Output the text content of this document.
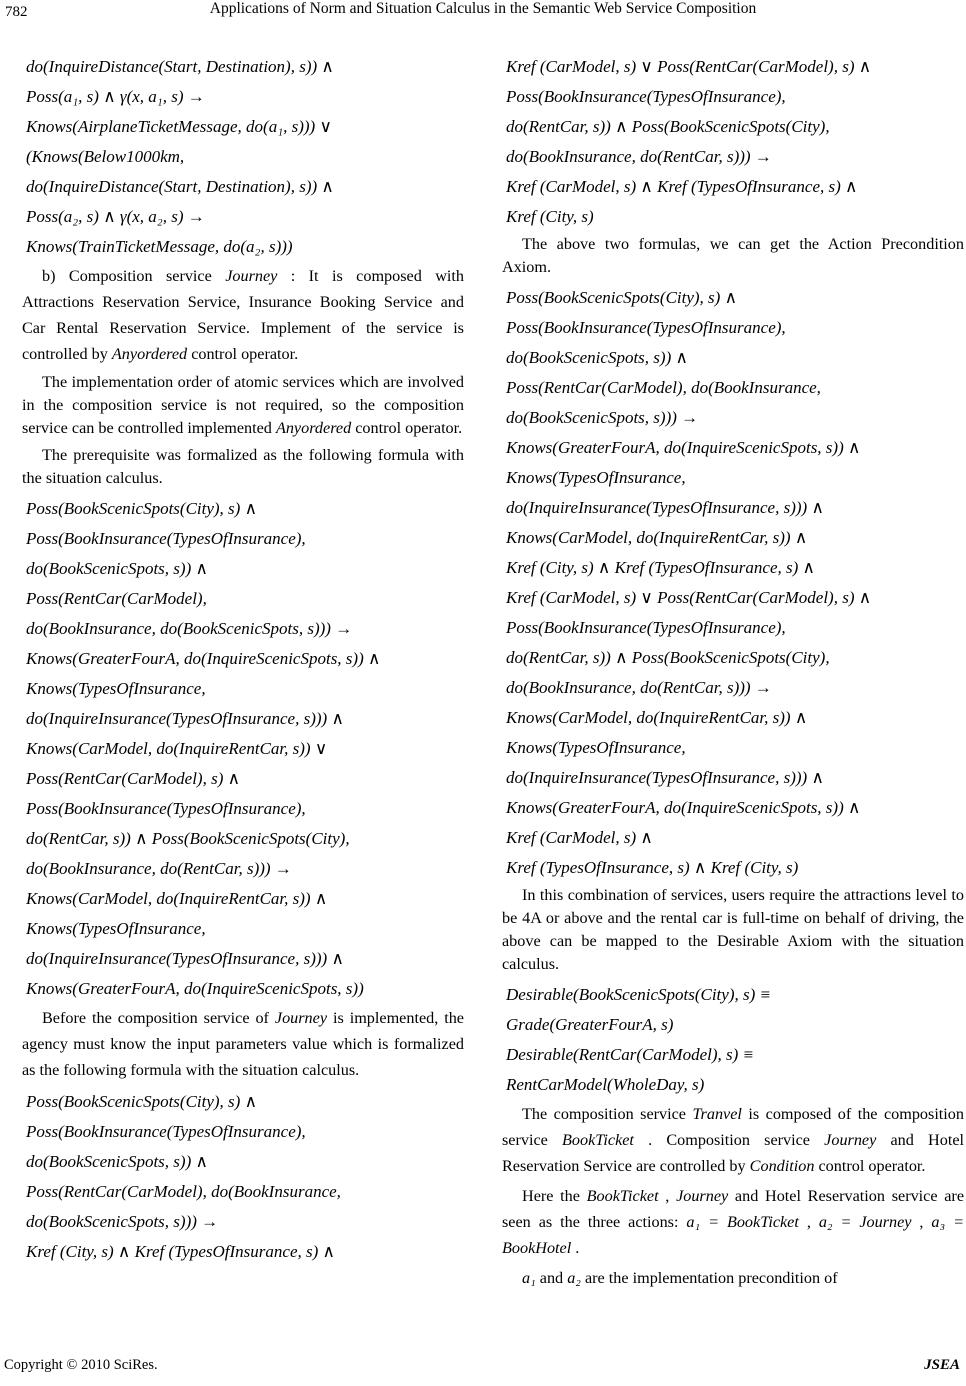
782	Applications of Norm and Situation Calculus in the Semantic Web Service Composition
do(InquireDistance(Start, Destination), s)) ∧
Poss(a₁, s) ∧ γ(x, a₁, s) →
Knows(AirplaneTicketMessage, do(a₁, s))) ∨
(Knows(Below1000km,
do(InquireDistance(Start, Destination), s)) ∧
Poss(a₂, s) ∧ γ(x, a₂, s) →
Knows(TrainTicketMessage, do(a₂, s)))

b) Composition service Journey : It is composed with Attractions Reservation Service, Insurance Booking Service and Car Rental Reservation Service. Implement of the service is controlled by Anyordered control operator.

The implementation order of atomic services which are involved in the composition service is not required, so the composition service can be controlled implemented Anyordered control operator.

The prerequisite was formalized as the following formula with the situation calculus.

Poss(BookScenicSpots(City), s) ∧
Poss(BookInsurance(TypesOfInsurance),
do(BookScenicSpots, s)) ∧
Poss(RentCar(CarModel),
do(BookInsurance, do(BookScenicSpots, s))) →
Knows(GreaterFourA, do(InquireScenicSpots, s)) ∧
Knows(TypesOfInsurance,
do(InquireInsurance(TypesOfInsurance, s))) ∧
Knows(CarModel, do(InquireRentCar, s)) ∨
Poss(RentCar(CarModel), s) ∧
Poss(BookInsurance(TypesOfInsurance),
do(RentCar, s)) ∧ Poss(BookScenicSpots(City),
do(BookInsurance, do(RentCar, s))) →
Knows(CarModel, do(InquireRentCar, s)) ∧
Knows(TypesOfInsurance,
do(InquireInsurance(TypesOfInsurance, s))) ∧
Knows(GreaterFourA, do(InquireScenicSpots, s))

Before the composition service of Journey is implemented, the agency must know the input parameters value which is formalized as the following formula with the situation calculus.

Poss(BookScenicSpots(City), s) ∧
Poss(BookInsurance(TypesOfInsurance),
do(BookScenicSpots, s)) ∧
Poss(RentCar(CarModel), do(BookInsurance,
do(BookScenicSpots, s))) →
Kref (City, s) ∧ Kref (TypesOfInsurance, s) ∧
Kref (CarModel, s) ∨ Poss(RentCar(CarModel), s) ∧
Poss(BookInsurance(TypesOfInsurance),
do(RentCar, s)) ∧ Poss(BookScenicSpots(City),
do(BookInsurance, do(RentCar, s))) →
Kref (CarModel, s) ∧ Kref (TypesOfInsurance, s) ∧
Kref (City, s)

The above two formulas, we can get the Action Precondition Axiom.

Poss(BookScenicSpots(City), s) ∧
Poss(BookInsurance(TypesOfInsurance),
do(BookScenicSpots, s)) ∧
Poss(RentCar(CarModel), do(BookInsurance,
do(BookScenicSpots, s))) →
Knows(GreaterFourA, do(InquireScenicSpots, s)) ∧
Knows(TypesOfInsurance,
do(InquireInsurance(TypesOfInsurance, s))) ∧
Knows(CarModel, do(InquireRentCar, s)) ∧
Kref (City, s) ∧ Kref (TypesOfInsurance, s) ∧
Kref (CarModel, s) ∨ Poss(RentCar(CarModel), s) ∧
Poss(BookInsurance(TypesOfInsurance),
do(RentCar, s)) ∧ Poss(BookScenicSpots(City),
do(BookInsurance, do(RentCar, s))) →
Knows(CarModel, do(InquireRentCar, s)) ∧
Knows(TypesOfInsurance,
do(InquireInsurance(TypesOfInsurance, s))) ∧
Knows(GreaterFourA, do(InquireScenicSpots, s)) ∧
Kref (CarModel, s) ∧
Kref (TypesOfInsurance, s) ∧ Kref (City, s)

In this combination of services, users require the attractions level to be 4A or above and the rental car is full-time on behalf of driving, the above can be mapped to the Desirable Axiom with the situation calculus.

Desirable(BookScenicSpots(City), s) ≡
Grade(GreaterFourA, s)
Desirable(RentCar(CarModel), s) ≡
RentCarModel(WholeDay, s)

The composition service Tranvel is composed of the composition service BookTicket . Composition service Journey and Hotel Reservation Service are controlled by Condition control operator.

Here the BookTicket , Journey and Hotel Reservation service are seen as the three actions: a₁ = BookTicket , a₂ = Journey , a₃ = BookHotel .

a₁ and a₂ are the implementation precondition of

Copyright © 2010 SciRes.	JSEA
